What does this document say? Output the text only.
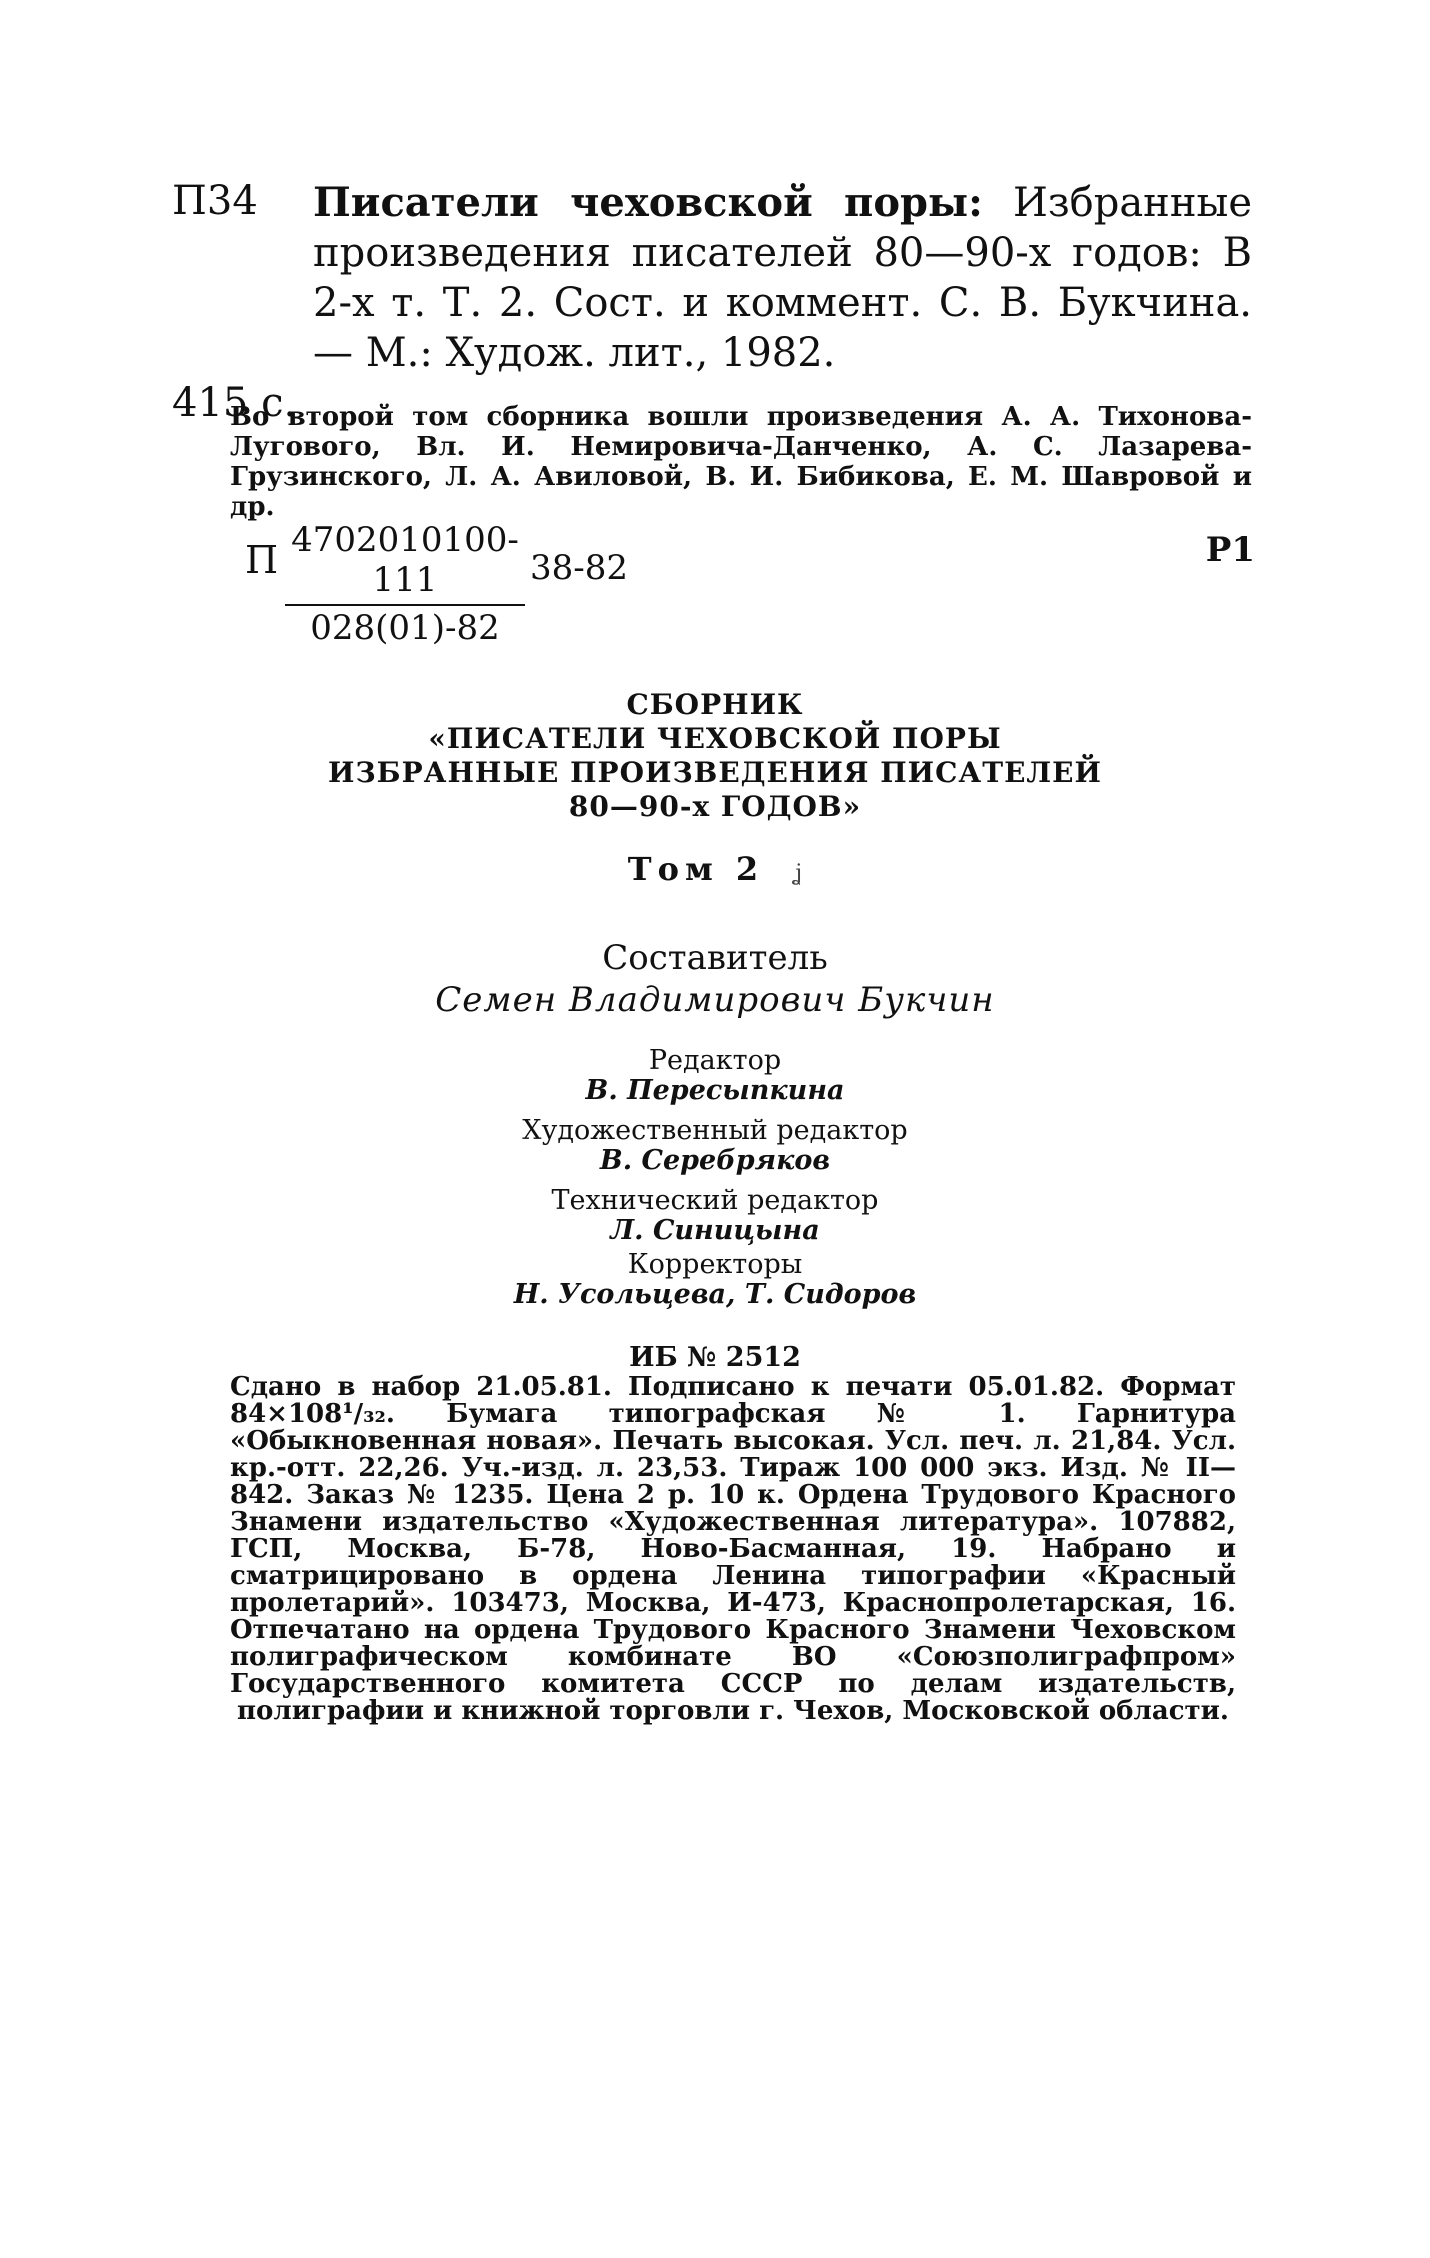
П34 Писатели чеховской поры: Избранные произведения писателей 80—90-х годов: В 2-х т. Т. 2. Сост. и коммент. С. В. Букчина.— М.: Худож. лит., 1982.
415 с.
Во второй том сборника вошли произведения А. А. Тихонова-Лугового, Вл. И. Немировича-Данченко, А. С. Лазарева-Грузинского, Л. А. Авиловой, В. И. Бибикова, Е. М. Шавровой и др.
П $\frac{4702010100-111}{028(01)-82} 38-82$	Р1
СБОРНИК
«ПИСАТЕЛИ ЧЕХОВСКОЙ ПОРЫ
ИЗБРАННЫЕ ПРОИЗВЕДЕНИЯ ПИСАТЕЛЕЙ
80—90-х ГОДОВ»
Том 2 ʝ
Составитель
Семен Владимирович Букчин
Редактор
В. Пересыпкина
Художественный редактор
В. Серебряков
Технический редактор
Л. Синицына
Корректоры
Н. Усольцева, Т. Сидоров
ИБ № 2512
Сдано в набор 21.05.81. Подписано к печати 05.01.82. Формат 84×108¹/₃₂. Бумага типографская № 1. Гарнитура «Обыкновенная новая». Печать высокая. Усл. печ. л. 21,84. Усл. кр.-отт. 22,26. Уч.-изд. л. 23,53. Тираж 100 000 экз. Изд. № II—842. Заказ № 1235. Цена 2 р. 10 к. Ордена Трудового Красного Знамени издательство «Художественная литература». 107882, ГСП, Москва, Б-78, Ново-Басманная, 19. Набрано и сматрицировано в ордена Ленина типографии «Красный пролетарий». 103473, Москва, И-473, Краснопролетарская, 16. Отпечатано на ордена Трудового Красного Знамени Чеховском полиграфическом комбинате ВО «Союзполиграфпром» Государственного комитета СССР по делам издательств, полиграфии и книжной торговли г. Чехов, Московской области.
